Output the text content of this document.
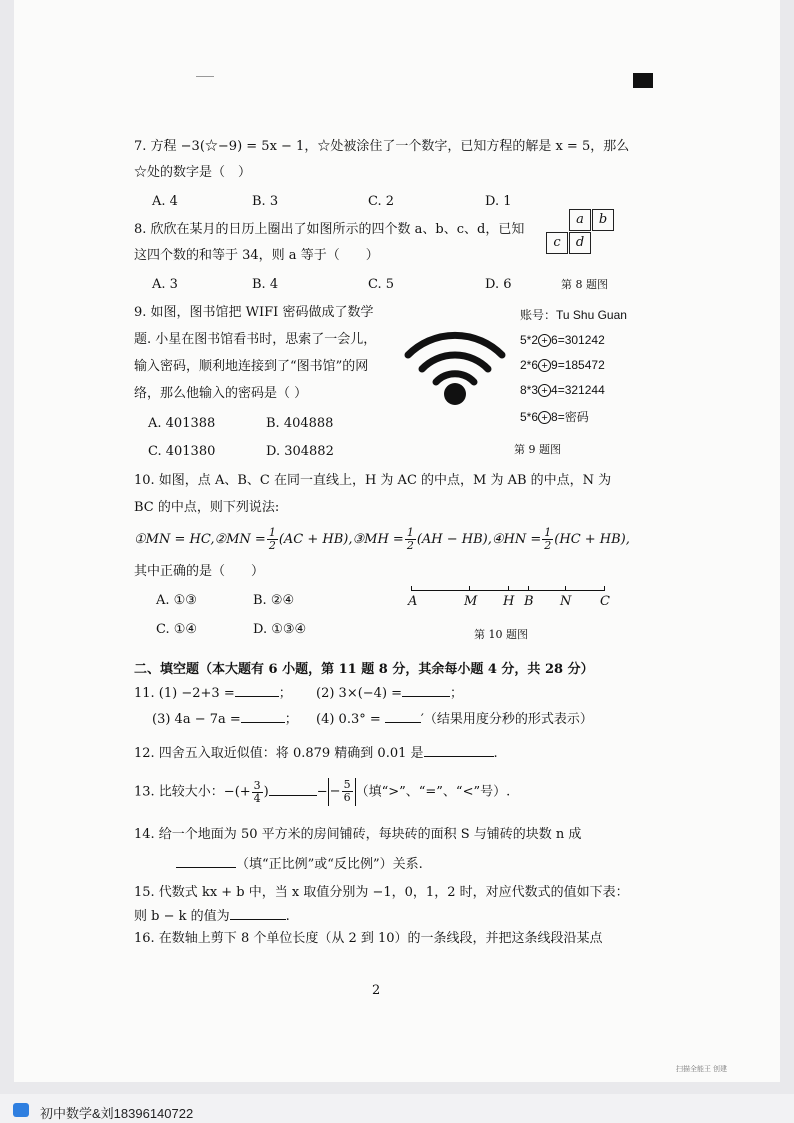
7. 方程 −3(☆−9) = 5x − 1，☆处被涂住了一个数字，已知方程的解是 x = 5，那么
☆处的数字是（　）
A. 4	B. 3	C. 2	D. 1
8. 欣欣在某月的日历上圈出了如图所示的四个数 a、b、c、d，已知
这四个数的和等于 34，则 a 等于（　　）
A. 3	B. 4	C. 5	D. 6
a	b
c	d
第 8 题图
9. 如图，图书馆把 WIFI 密码做成了数学
题. 小星在图书馆看书时，思索了一会儿，
输入密码，顺利地连接到了“图书馆”的网
络，那么他输入的密码是（ ）
A. 401388	B. 404888
C. 401380	D. 304882
账号：Tu Shu Guan
5*2 + 6=301242
2*6 + 9=185472
8*3 + 4=321244
5*6 + 8=密码
第 9 题图
10. 如图，点 A、B、C 在同一直线上，H 为 AC 的中点，M 为 AB 的中点，N 为
BC 的中点，则下列说法:
①MN = HC,②MN = $\frac{1}{2} (AC$ + HB),③MH = $\frac{1}{2} (AH$ − HB),④HN = $\frac{1}{2} (HC + HB)$,
其中正确的是（　　）
A. ①③	B. ②④
C. ①④	D. ①③④
A	M H B N C
第 10 题图
二、填空题（本大题有 6 小题，第 11 题 8 分，其余每小题 4 分，共 28 分）
11. (1) −2+3 =	； (2) 3×(−4) =	；
(3) 4a − 7a =	； (4) 0.3° =	′（结果用度分秒的形式表示）
12. 四舍五入取近似值：将 0.879 精确到 0.01 是	.
13. 比较大小：−(+ $\frac{3}{4}$ )	− − $\frac{5}{6}$ （填“>”、“=”、“<”号）.
14. 给一个地面为 50 平方米的房间铺砖，每块砖的面积 S 与铺砖的块数 n 成
（填“正比例”或“反比例”）关系.
15. 代数式 kx + b 中，当 x 取值分别为 −1，0，1，2 时，对应代数式的值如下表：
则 b − k 的值为	.
16. 在数轴上剪下 8 个单位长度（从 2 到 10）的一条线段，并把这条线段沿某点
2
扫描全能王 创建
初中数学&刘18396140722
